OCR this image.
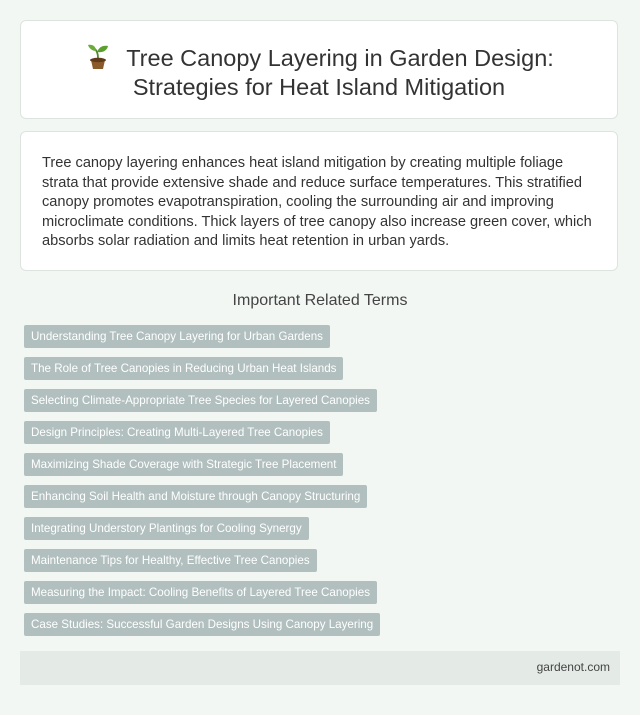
Tree Canopy Layering in Garden Design:
Strategies for Heat Island Mitigation

Tree canopy layering enhances heat island mitigation by creating multiple foliage strata that provide extensive shade and reduce surface temperatures. This stratified canopy promotes evapotranspiration, cooling the surrounding air and improving microclimate conditions. Thick layers of tree canopy also increase green cover, which absorbs solar radiation and limits heat retention in urban yards.

Important Related Terms
Understanding Tree Canopy Layering for Urban Gardens
The Role of Tree Canopies in Reducing Urban Heat Islands
Selecting Climate-Appropriate Tree Species for Layered Canopies
Design Principles: Creating Multi-Layered Tree Canopies
Maximizing Shade Coverage with Strategic Tree Placement
Enhancing Soil Health and Moisture through Canopy Structuring
Integrating Understory Plantings for Cooling Synergy
Maintenance Tips for Healthy, Effective Tree Canopies
Measuring the Impact: Cooling Benefits of Layered Tree Canopies
Case Studies: Successful Garden Designs Using Canopy Layering
gardenot.com
